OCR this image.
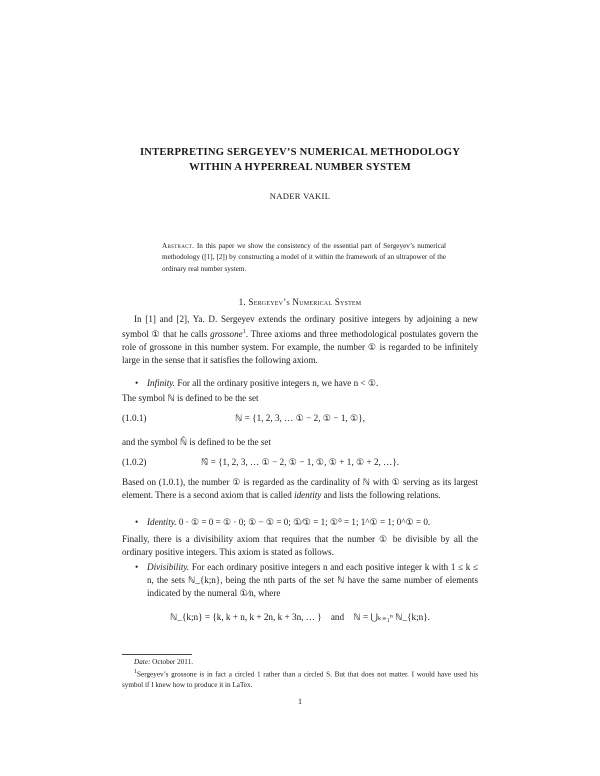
INTERPRETING SERGEYEV’S NUMERICAL METHODOLOGY
WITHIN A HYPERREAL NUMBER SYSTEM
NADER VAKIL
Abstract. In this paper we show the consistency of the essential part of Sergeyev’s numerical methodology ([1], [2]) by constructing a model of it within the framework of an ultrapower of the ordinary real number system.
1. Sergeyev’s Numerical System
In [1] and [2], Ya. D. Sergeyev extends the ordinary positive integers by adjoining a new symbol ① that he calls grossone$^1$. Three axioms and three methodological postulates govern the role of grossone in this number system. For example, the number ① is regarded to be infinitely large in the sense that it satisfies the following axiom.
• Infinity. For all the ordinary positive integers n, we have n < ①.
The symbol ℕ is defined to be the set
(1.0.1)	ℕ = {1, 2, 3, … ① − 2, ① − 1, ①},
and the symbol ℕ̂ is defined to be the set
(1.0.2)	ℕ̂ = {1, 2, 3, … ① − 2, ① − 1, ①, ① + 1, ① + 2, …}.
Based on (1.0.1), the number ① is regarded as the cardinality of ℕ with ① serving as its largest element. There is a second axiom that is called identity and lists the following relations.
• Identity. 0 · ① = 0 = ① · 0; ① − ① = 0; ①⁄① = 1; ①⁰ = 1; 1^① = 1; 0^① = 0.
Finally, there is a divisibility axiom that requires that the number ① be divisible by all the ordinary positive integers. This axiom is stated as follows.
• Divisibility. For each ordinary positive integers n and each positive integer k with 1 ≤ k ≤ n, the sets ℕ_{k;n}, being the nth parts of the set ℕ have the same number of elements indicated by the numeral ①⁄n, where
ℕ_{k;n} = {k, k + n, k + 2n, k + 3n, … } and ℕ = ⋃ₖ₌₁ⁿ ℕ_{k;n}.
Date: October 2011.
$^1$Sergeyev’s grossone is in fact a circled 1 rather than a circled S. But that does not matter. I would have used his symbol if I knew how to produce it in LaTex.
1
